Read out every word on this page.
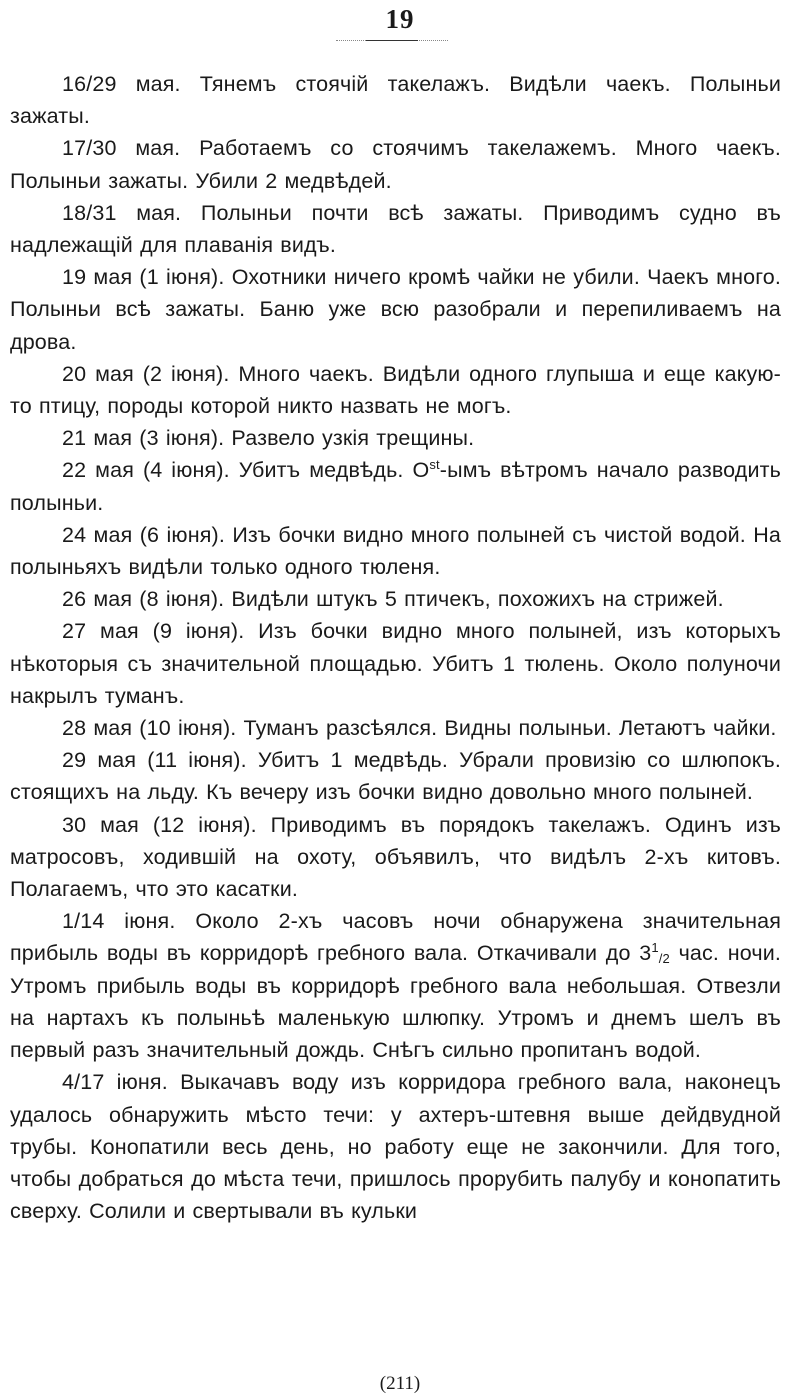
19

16/29 мая. Тянемъ стоячій такелажъ. Видѣли чаекъ. Полыньи зажаты.

17/30 мая. Работаемъ со стоячимъ такелажемъ. Много чаекъ. Полыньи зажаты. Убили 2 медвѣдей.

18/31 мая. Полыньи почти всѣ зажаты. Приводимъ судно въ надлежащій для плаванія видъ.

19 мая (1 іюня). Охотники ничего кромѣ чайки не убили. Чаекъ много. Полыньи всѣ зажаты. Баню уже всю разобрали и перепиливаемъ на дрова.

20 мая (2 іюня). Много чаекъ. Видѣли одного глупыша и еще какую-то птицу, породы которой никто назвать не могъ.

21 мая (3 іюня). Развело узкія трещины.

22 мая (4 іюня). Убитъ медвѣдь. $O^{st}$-ымъ вѣтромъ начало разводить полыньи.

24 мая (6 іюня). Изъ бочки видно много полыней съ чистой водой. На полыньяхъ видѣли только одного тюленя.

26 мая (8 іюня). Видѣли штукъ 5 птичекъ, похожихъ на стрижей.

27 мая (9 іюня). Изъ бочки видно много полыней, изъ которыхъ нѣкоторыя съ значительной площадью. Убитъ 1 тюлень. Около полуночи накрылъ туманъ.

28 мая (10 іюня). Туманъ разсѣялся. Видны полыньи. Летаютъ чайки.

29 мая (11 іюня). Убитъ 1 медвѣдь. Убрали провизію со шлюпокъ. стоящихъ на льду. Къ вечеру изъ бочки видно довольно много полыней.

30 мая (12 іюня). Приводимъ въ порядокъ такелажъ. Одинъ изъ матросовъ, ходившій на охоту, объявилъ, что видѣлъ 2-хъ китовъ. Полагаемъ, что это касатки.

1/14 іюня. Около 2-хъ часовъ ночи обнаружена значительная прибыль воды въ корридорѣ гребного вала. Откачивали до $3^1/2$ час. ночи. Утромъ прибыль воды въ корридорѣ гребного вала небольшая. Отвезли на нартахъ къ полыньѣ маленькую шлюпку. Утромъ и днемъ шелъ въ первый разъ значительный дождь. Снѣгъ сильно пропитанъ водой.

4/17 іюня. Выкачавъ воду изъ корридора гребного вала, наконецъ удалось обнаружить мѣсто течи: у ахтеръ-штевня выше дейдвудной трубы. Конопатили весь день, но работу еще не закончили. Для того, чтобы добраться до мѣста течи, пришлось прорубить палубу и конопатить сверху. Солили и свертывали въ кульки

(211)
